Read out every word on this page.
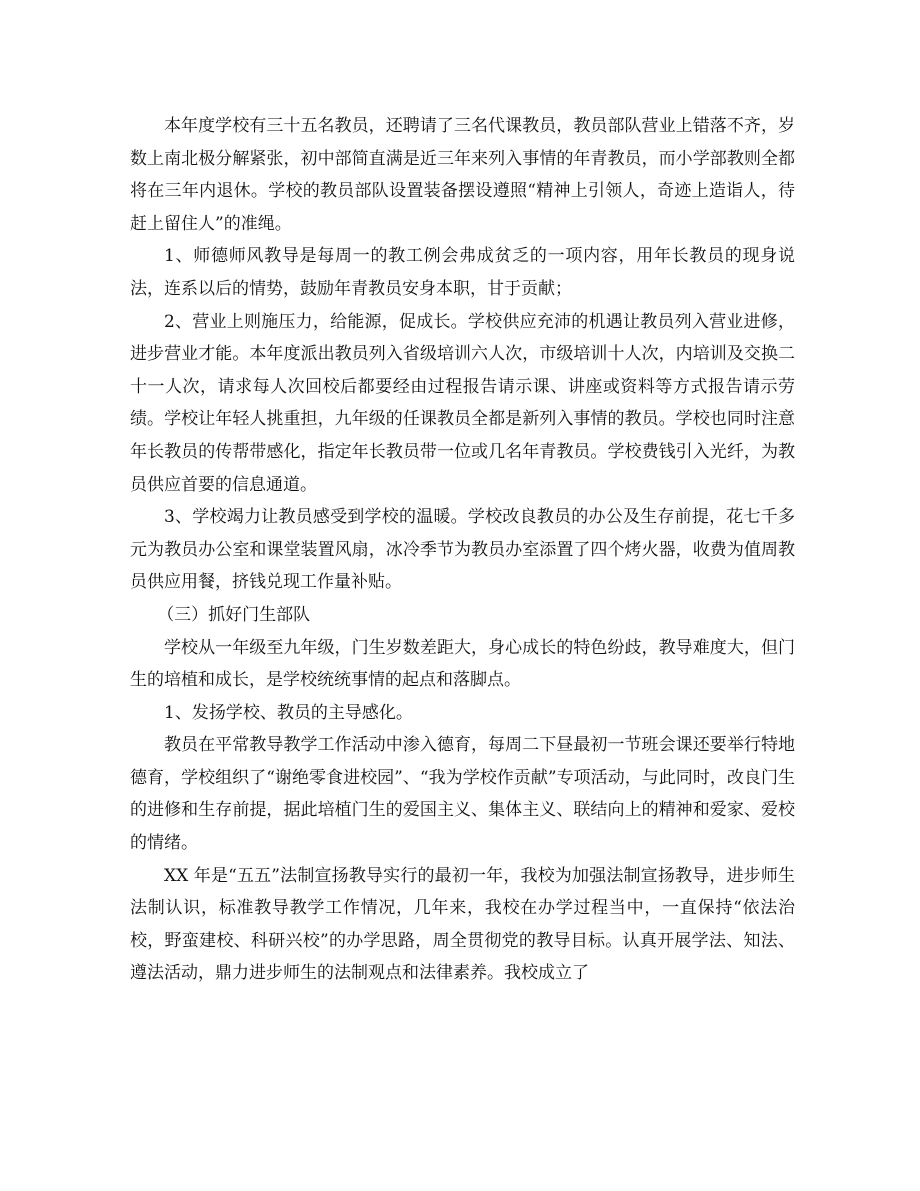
本年度学校有三十五名教员，还聘请了三名代课教员，教员部队营业上错落不齐，岁数上南北极分解紧张，初中部简直满是近三年来列入事情的年青教员，而小学部教则全都将在三年内退休。学校的教员部队设置装备摆设遵照“精神上引领人，奇迹上造诣人，待赶上留住人”的准绳。

1、师德师风教导是每周一的教工例会弗成贫乏的一项内容，用年长教员的现身说法，连系以后的情势，鼓励年青教员安身本职，甘于贡献；

2、营业上则施压力，给能源，促成长。学校供应充沛的机遇让教员列入营业进修，进步营业才能。本年度派出教员列入省级培训六人次，市级培训十人次，内培训及交换二十一人次，请求每人次回校后都要经由过程报告请示课、讲座或资料等方式报告请示劳绩。学校让年轻人挑重担，九年级的任课教员全都是新列入事情的教员。学校也同时注意年长教员的传帮带感化，指定年长教员带一位或几名年青教员。学校费钱引入光纤，为教员供应首要的信息通道。

3、学校竭力让教员感受到学校的温暖。学校改良教员的办公及生存前提，花七千多元为教员办公室和课堂装置风扇，冰冷季节为教员办室添置了四个烤火器，收费为值周教员供应用餐，挤钱兑现工作量补贴。

（三）抓好门生部队

学校从一年级至九年级，门生岁数差距大，身心成长的特色纷歧，教导难度大，但门生的培植和成长，是学校统统事情的起点和落脚点。

1、发扬学校、教员的主导感化。

教员在平常教导教学工作活动中渗入德育，每周二下昼最初一节班会课还要举行特地德育，学校组织了“谢绝零食进校园”、“我为学校作贡献”专项活动，与此同时，改良门生的进修和生存前提，据此培植门生的爱国主义、集体主义、联结向上的精神和爱家、爱校的情绪。

XX 年是“五五”法制宣扬教导实行的最初一年，我校为加强法制宣扬教导，进步师生法制认识，标准教导教学工作情况，几年来，我校在办学过程当中，一直保持“依法治校，野蛮建校、科研兴校”的办学思路，周全贯彻党的教导目标。认真开展学法、知法、遵法活动，鼎力进步师生的法制观点和法律素养。我校成立了
